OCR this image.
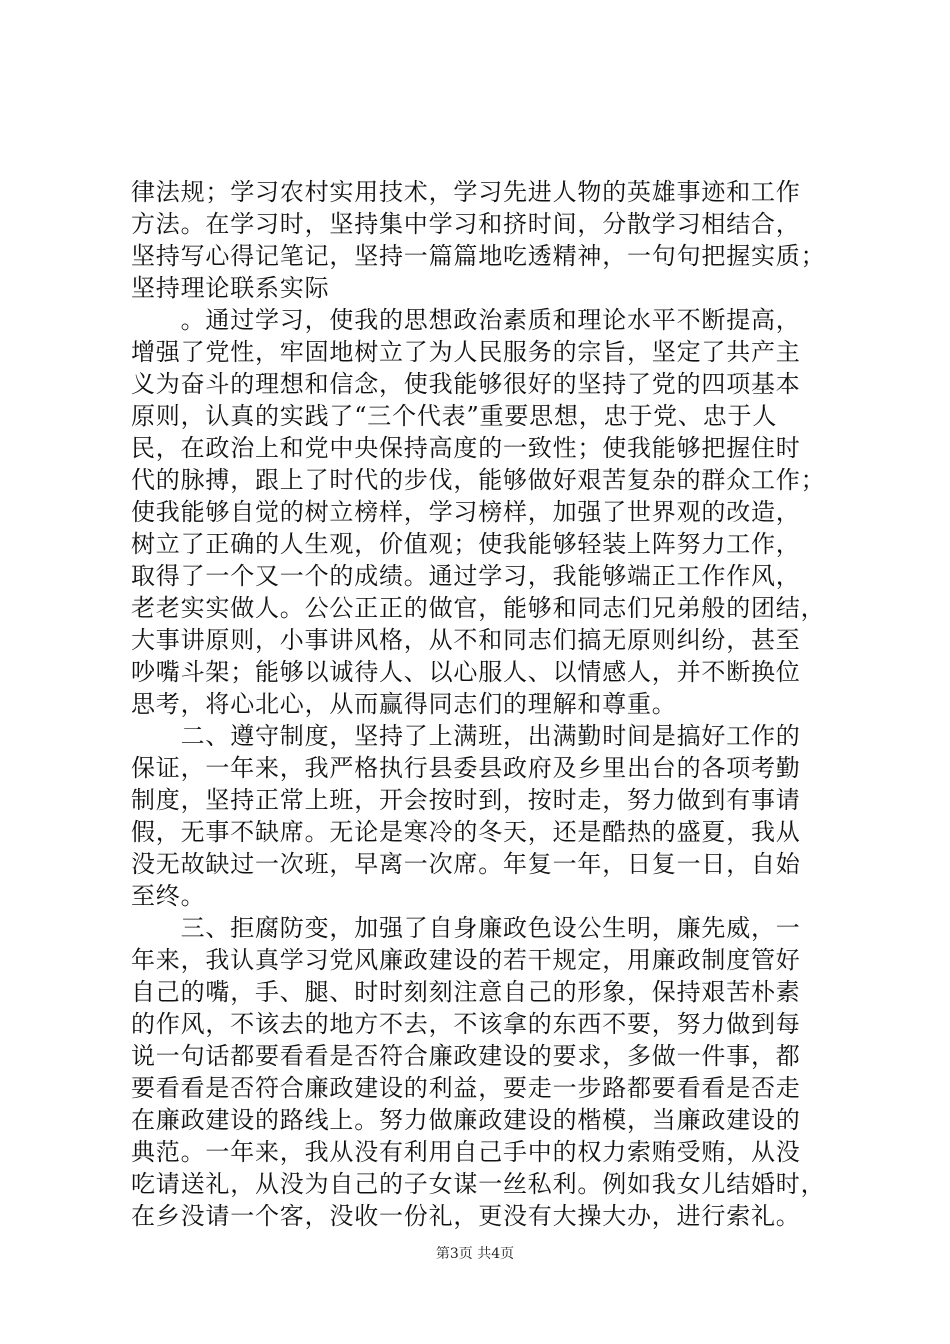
律法规；学习农村实用技术，学习先进人物的英雄事迹和工作
方法。在学习时，坚持集中学习和挤时间，分散学习相结合，
坚持写心得记笔记，坚持一篇篇地吃透精神，一句句把握实质；
坚持理论联系实际
　　。通过学习，使我的思想政治素质和理论水平不断提高，
增强了党性，牢固地树立了为人民服务的宗旨，坚定了共产主
义为奋斗的理想和信念，使我能够很好的坚持了党的四项基本
原则，认真的实践了“三个代表”重要思想，忠于党、忠于人
民，在政治上和党中央保持高度的一致性；使我能够把握住时
代的脉搏，跟上了时代的步伐，能够做好艰苦复杂的群众工作；
使我能够自觉的树立榜样，学习榜样，加强了世界观的改造，
树立了正确的人生观，价值观；使我能够轻装上阵努力工作，
取得了一个又一个的成绩。通过学习，我能够端正工作作风，
老老实实做人。公公正正的做官，能够和同志们兄弟般的团结，
大事讲原则，小事讲风格，从不和同志们搞无原则纠纷，甚至
吵嘴斗架；能够以诚待人、以心服人、以情感人，并不断换位
思考，将心北心，从而赢得同志们的理解和尊重。
　　二、遵守制度，坚持了上满班，出满勤时间是搞好工作的
保证，一年来，我严格执行县委县政府及乡里出台的各项考勤
制度，坚持正常上班，开会按时到，按时走，努力做到有事请
假，无事不缺席。无论是寒冷的冬天，还是酷热的盛夏，我从
没无故缺过一次班，早离一次席。年复一年，日复一日，自始
至终。
　　三、拒腐防变，加强了自身廉政色设公生明，廉先威，一
年来，我认真学习党风廉政建设的若干规定，用廉政制度管好
自己的嘴，手、腿、时时刻刻注意自己的形象，保持艰苦朴素
的作风，不该去的地方不去，不该拿的东西不要，努力做到每
说一句话都要看看是否符合廉政建设的要求，多做一件事，都
要看看是否符合廉政建设的利益，要走一步路都要看看是否走
在廉政建设的路线上。努力做廉政建设的楷模，当廉政建设的
典范。一年来，我从没有利用自己手中的权力索贿受贿，从没
吃请送礼，从没为自己的子女谋一丝私利。例如我女儿结婚时，
在乡没请一个客，没收一份礼，更没有大操大办，进行索礼。
第3页 共4页
